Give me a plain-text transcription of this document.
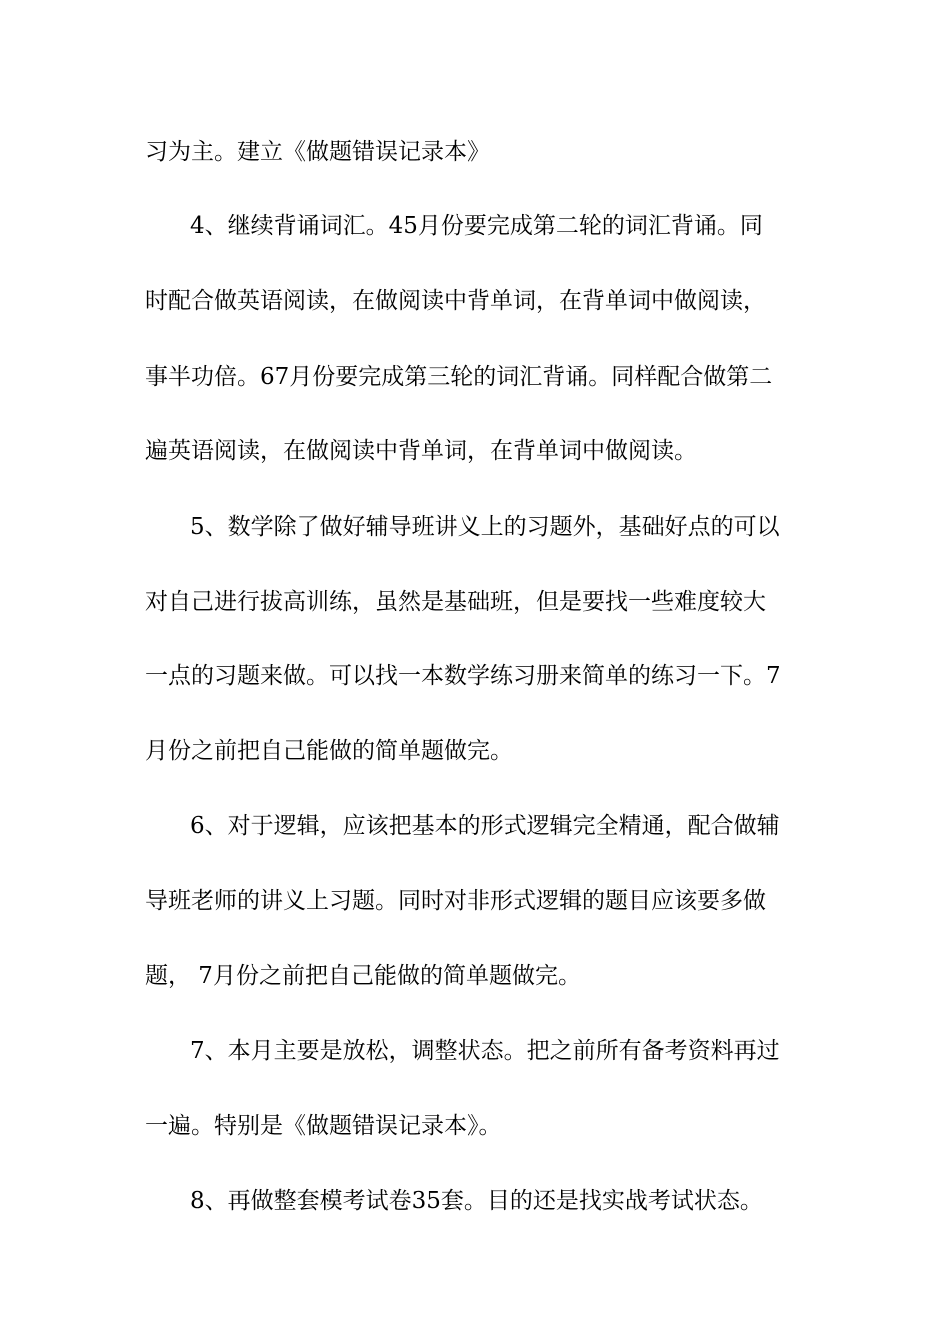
习为主。建立《做题错误记录本》
4、继续背诵词汇。45月份要完成第二轮的词汇背诵。同
时配合做英语阅读，在做阅读中背单词，在背单词中做阅读，
事半功倍。67月份要完成第三轮的词汇背诵。同样配合做第二
遍英语阅读，在做阅读中背单词，在背单词中做阅读。
5、数学除了做好辅导班讲义上的习题外，基础好点的可以
对自己进行拔高训练，虽然是基础班，但是要找一些难度较大
一点的习题来做。可以找一本数学练习册来简单的练习一下。7
月份之前把自己能做的简单题做完。
6、对于逻辑，应该把基本的形式逻辑完全精通，配合做辅
导班老师的讲义上习题。同时对非形式逻辑的题目应该要多做
题， 7月份之前把自己能做的简单题做完。
7、本月主要是放松，调整状态。把之前所有备考资料再过
一遍。特别是《做题错误记录本》。
8、再做整套模考试卷35套。目的还是找实战考试状态。
